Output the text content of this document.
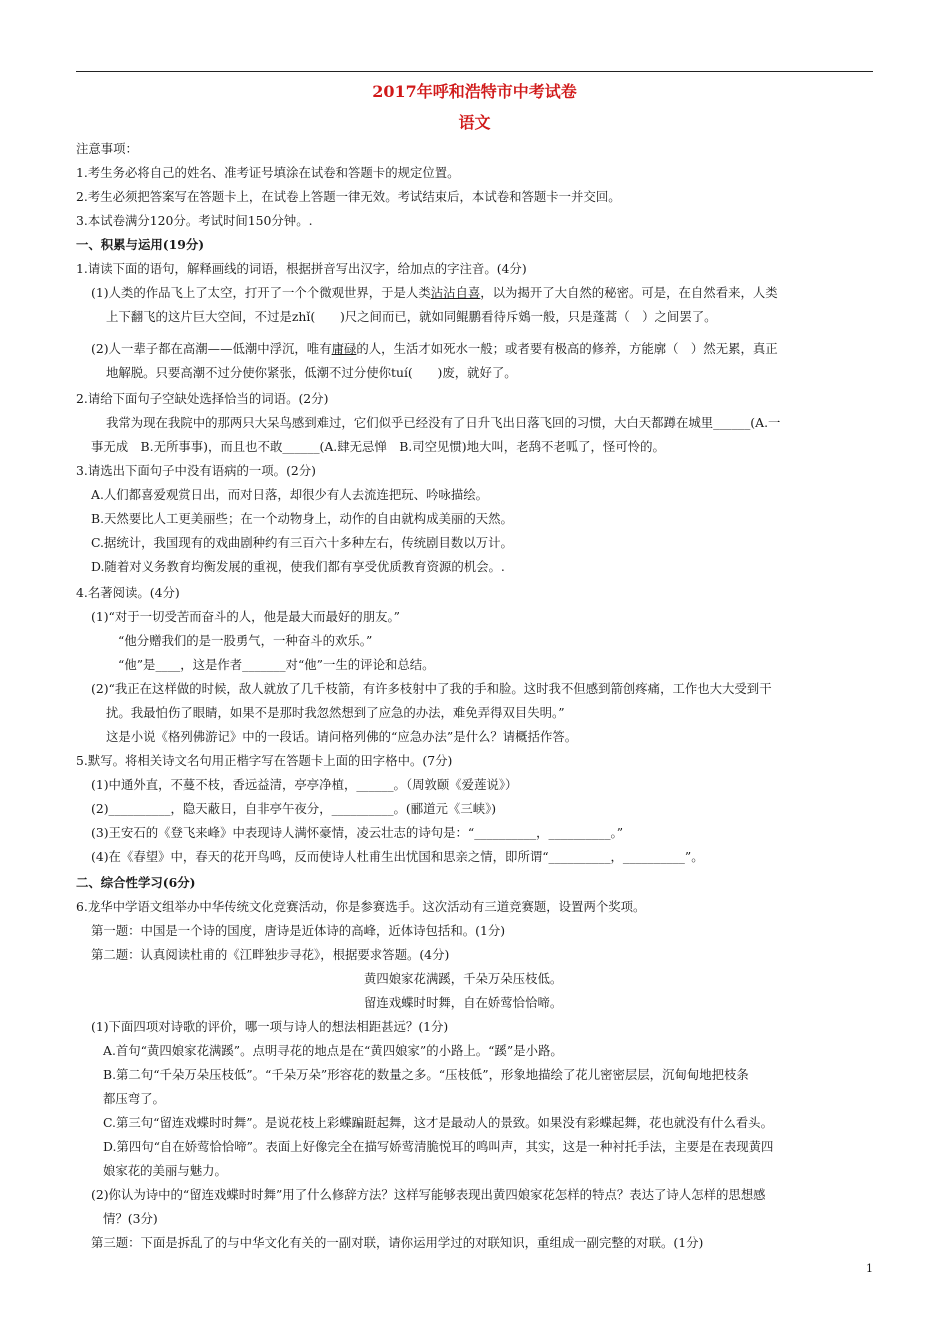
2017年呼和浩特市中考试卷
语文
注意事项：
1.考生务必将自己的姓名、准考证号填涂在试卷和答题卡的规定位置。
2.考生必须把答案写在答题卡上，在试卷上答题一律无效。考试结束后，本试卷和答题卡一并交回。
3.本试卷满分120分。考试时间150分钟。.
一、积累与运用(19分)
1.请读下面的语句，解释画线的词语，根据拼音写出汉字，给加点的字注音。(4分)
(1)人类的作品飞上了太空，打开了一个个微观世界，于是人类沾沾自喜，以为揭开了大自然的秘密。可是，在自然看来，人类
上下翻飞的这片巨大空间，不过是zhǐ(　　)尺之间而已，就如同鲲鹏看待斥鴳一般，只是蓬蒿（　）之间罢了。
(2)人一辈子都在高潮——低潮中浮沉，唯有庸碌的人，生活才如死水一般；或者要有极高的修养，方能廓（　）然无累，真正
地解脱。只要高潮不过分使你紧张，低潮不过分使你tuí(　　)废，就好了。
2.请给下面句子空缺处选择恰当的词语。(2分)
我常为现在我院中的那两只大呆鸟感到难过，它们似乎已经没有了日升飞出日落飞回的习惯，大白天都蹲在城里______(A.一
事无成　B.无所事事)，而且也不敢______(A.肆无忌惮　B.司空见惯)地大叫，老鸹不老呱了，怪可怜的。
3.请选出下面句子中没有语病的一项。(2分)
A.人们都喜爱观赏日出，而对日落，却很少有人去流连把玩、吟咏描绘。
B.天然要比人工更美丽些；在一个动物身上，动作的自由就构成美丽的天然。
C.据统计，我国现有的戏曲剧种约有三百六十多种左右，传统剧目数以万计。
D.随着对义务教育均衡发展的重视，使我们都有享受优质教育资源的机会。.
4.名著阅读。(4分)
(1)“对于一切受苦而奋斗的人，他是最大而最好的朋友。”
“他分赠我们的是一股勇气，一种奋斗的欢乐。”
“他”是____，这是作者_______对“他”一生的评论和总结。
(2)“我正在这样做的时候，敌人就放了几千枝箭，有许多枝射中了我的手和脸。这时我不但感到箭创疼痛，工作也大大受到干
扰。我最怕伤了眼睛，如果不是那时我忽然想到了应急的办法，难免弄得双目失明。”
这是小说《格列佛游记》中的一段话。请问格列佛的“应急办法”是什么？请概括作答。
5.默写。将相关诗文名句用正楷字写在答题卡上面的田字格中。(7分)
(1)中通外直，不蔓不枝，香远益清，亭亭净植，______。（周敦颐《爱莲说》）
(2)__________，隐天蔽日，自非亭午夜分，__________。(郦道元《三峡》)
(3)王安石的《登飞来峰》中表现诗人满怀豪情，凌云壮志的诗句是：“__________，__________。”
(4)在《春望》中，春天的花开鸟鸣，反而使诗人杜甫生出忧国和思亲之情，即所谓“__________，__________”。
二、综合性学习(6分)
6.龙华中学语文组举办中华传统文化竞赛活动，你是参赛选手。这次活动有三道竞赛题，设置两个奖项。
第一题：中国是一个诗的国度，唐诗是近体诗的高峰，近体诗包括和。(1分)
第二题：认真阅读杜甫的《江畔独步寻花》，根据要求答题。(4分)
黄四娘家花满蹊，千朵万朵压枝低。
留连戏蝶时时舞，自在娇莺恰恰啼。
(1)下面四项对诗歌的评价，哪一项与诗人的想法相距甚远？(1分)
A.首句“黄四娘家花满蹊”。点明寻花的地点是在“黄四娘家”的小路上。“蹊”是小路。
B.第二句“千朵万朵压枝低”。“千朵万朵”形容花的数量之多。“压枝低”，形象地描绘了花儿密密层层，沉甸甸地把枝条
都压弯了。
C.第三句“留连戏蝶时时舞”。是说花枝上彩蝶蹁跹起舞，这才是最动人的景致。如果没有彩蝶起舞，花也就没有什么看头。
D.第四句“自在娇莺恰恰啼”。表面上好像完全在描写娇莺清脆悦耳的鸣叫声，其实，这是一种衬托手法，主要是在表现黄四
娘家花的美丽与魅力。
(2)你认为诗中的“留连戏蝶时时舞”用了什么修辞方法？这样写能够表现出黄四娘家花怎样的特点？表达了诗人怎样的思想感
情？(3分)
第三题：下面是拆乱了的与中华文化有关的一副对联，请你运用学过的对联知识，重组成一副完整的对联。(1分)
1
